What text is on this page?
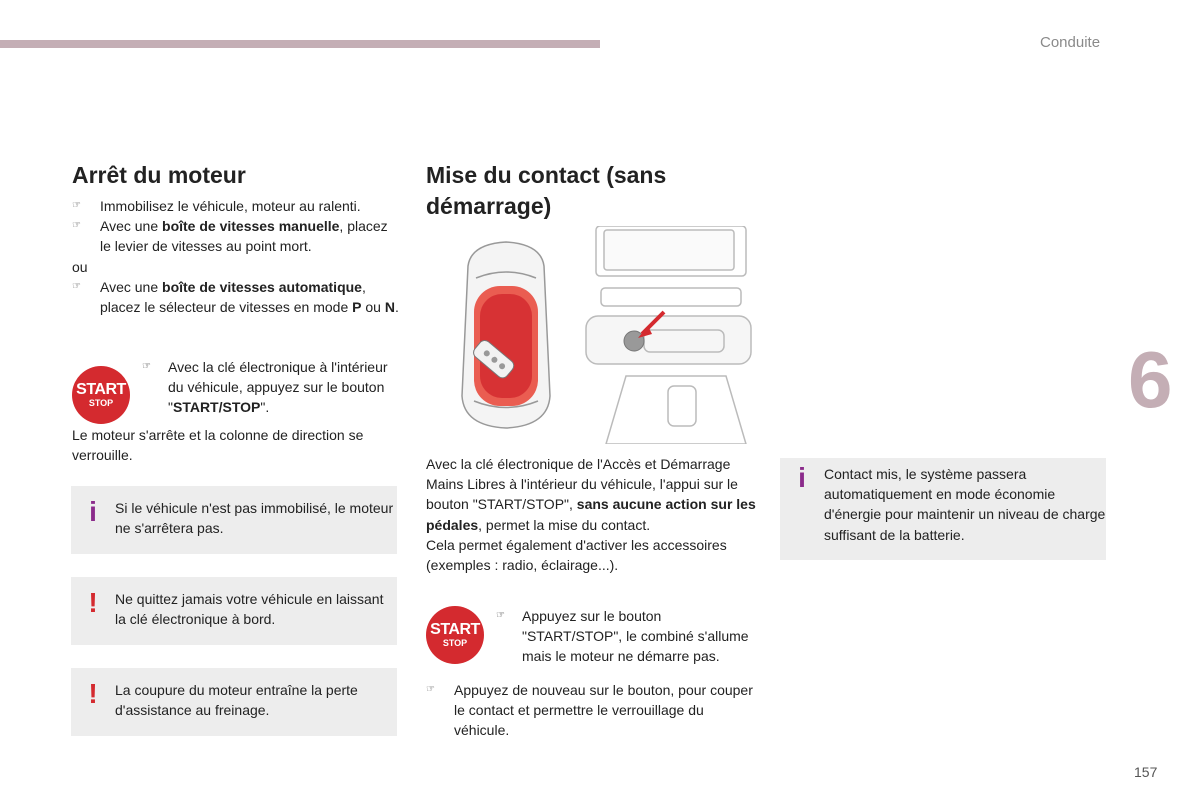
Conduite
6
157
Arrêt du moteur
☞ Immobilisez le véhicule, moteur au ralenti.
☞ Avec une boîte de vitesses manuelle, placez le levier de vitesses au point mort.
ou
☞ Avec une boîte de vitesses automatique, placez le sélecteur de vitesses en mode P ou N.
START
STOP
☞ Avec la clé électronique à l'intérieur du véhicule, appuyez sur le bouton "START/STOP".
Le moteur s'arrête et la colonne de direction se verrouille.
i	Si le véhicule n'est pas immobilisé, le moteur ne s'arrêtera pas.
!	Ne quittez jamais votre véhicule en laissant la clé électronique à bord.
!	La coupure du moteur entraîne la perte d'assistance au freinage.
Mise du contact (sans démarrage)
Avec la clé électronique de l'Accès et Démarrage Mains Libres à l'intérieur du véhicule, l'appui sur le bouton "START/STOP", sans aucune action sur les pédales, permet la mise du contact.
Cela permet également d'activer les accessoires (exemples : radio, éclairage...).
START
STOP
☞ Appuyez sur le bouton "START/STOP", le combiné s'allume mais le moteur ne démarre pas.
☞ Appuyez de nouveau sur le bouton, pour couper le contact et permettre le verrouillage du véhicule.
i	Contact mis, le système passera automatiquement en mode économie d'énergie pour maintenir un niveau de charge suffisant de la batterie.
